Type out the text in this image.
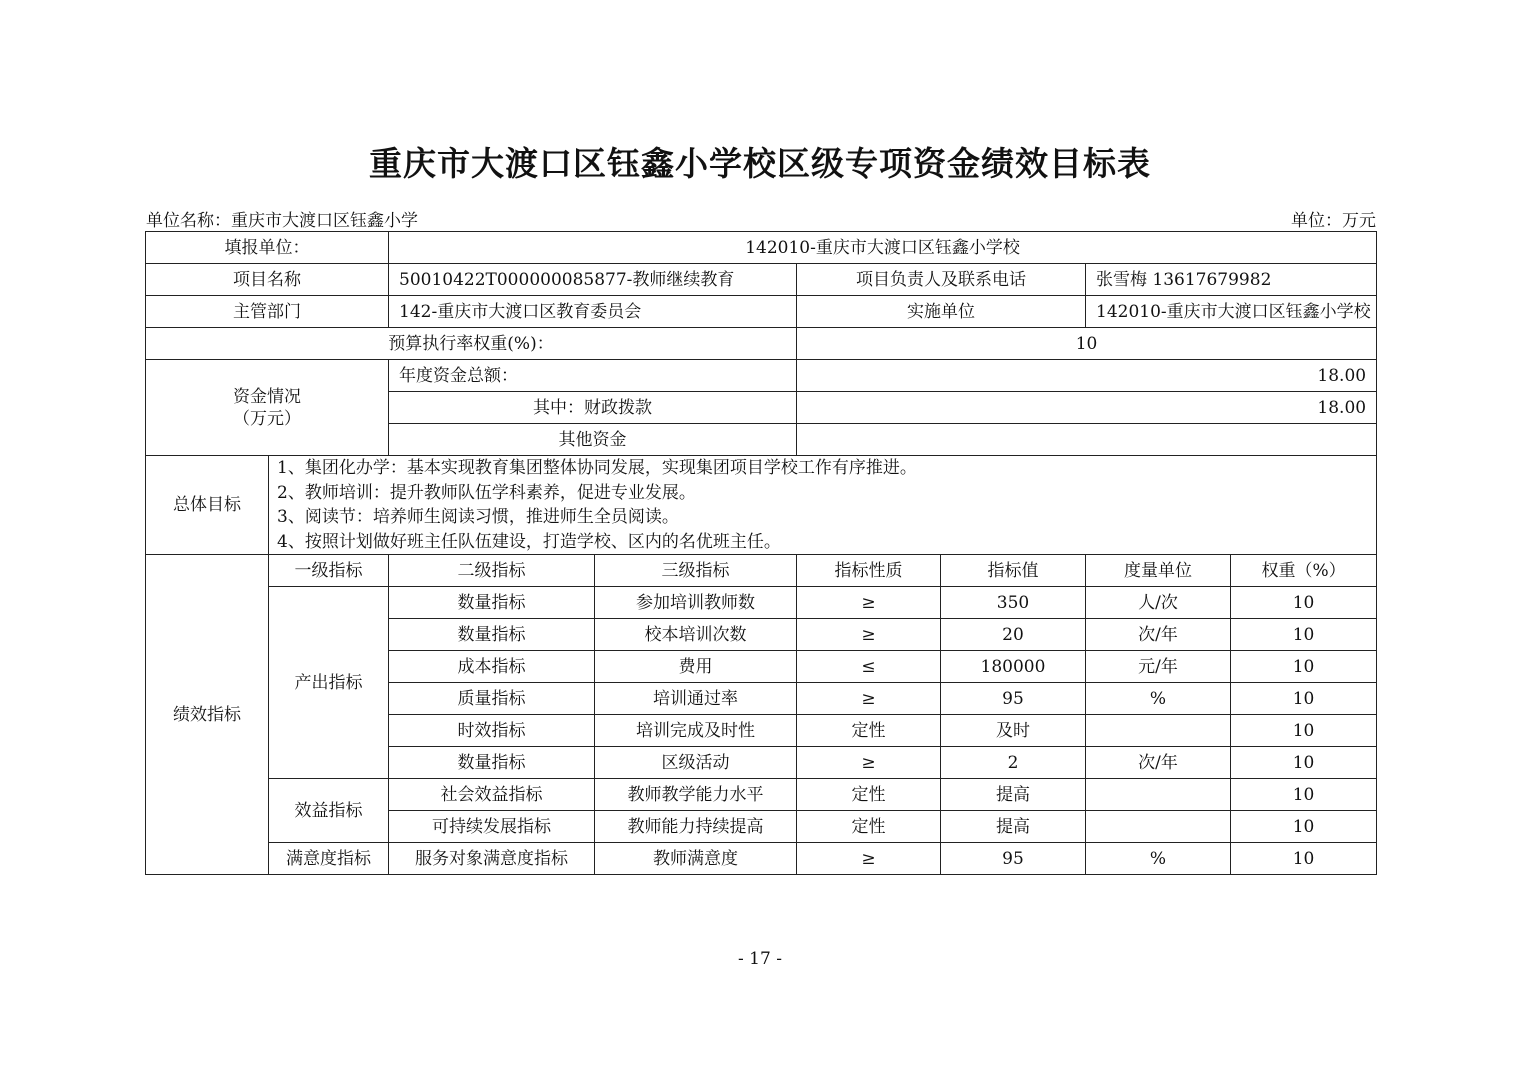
重庆市大渡口区钰鑫小学校区级专项资金绩效目标表
单位名称：重庆市大渡口区钰鑫小学	单位：万元
填报单位：		142010-重庆市大渡口区钰鑫小学校					
项目名称		50010422T000000085877-教师继续教育		项目负责人及联系电话		张雪梅 13617679982	
主管部门		142-重庆市大渡口区教育委员会		实施单位		142010-重庆市大渡口区钰鑫小学校	
预算执行率权重(%)：				10			

资金情况
（万元）		年度资金总额：		18.00			
		其中：财政拨款		18.00			
		其他资金					
总体目标	1、集团化办学：基本实现教育集团整体协同发展，实现集团项目学校工作有序推进。
2、教师培训：提升教师队伍学科素养，促进专业发展。
3、阅读节：培养师生阅读习惯，推进师生全员阅读。
4、按照计划做好班主任队伍建设，打造学校、区内的名优班主任。						

绩效指标	一级指标	二级指标	三级指标	指标性质	指标值	度量单位	权重（%）
	产出指标	数量指标	参加培训教师数	≥	350	人/次	10
		数量指标	校本培训次数	≥	20	次/年	10
		成本指标	费用	≤	180000	元/年	10
		质量指标	培训通过率	≥	95	%	10
		时效指标	培训完成及时性	定性	及时		10
		数量指标	区级活动	≥	2	次/年	10
	效益指标	社会效益指标	教师教学能力水平	定性	提高		10
		可持续发展指标	教师能力持续提高	定性	提高		10
	满意度指标	服务对象满意度指标	教师满意度	≥	95	%	10
- 17 -
